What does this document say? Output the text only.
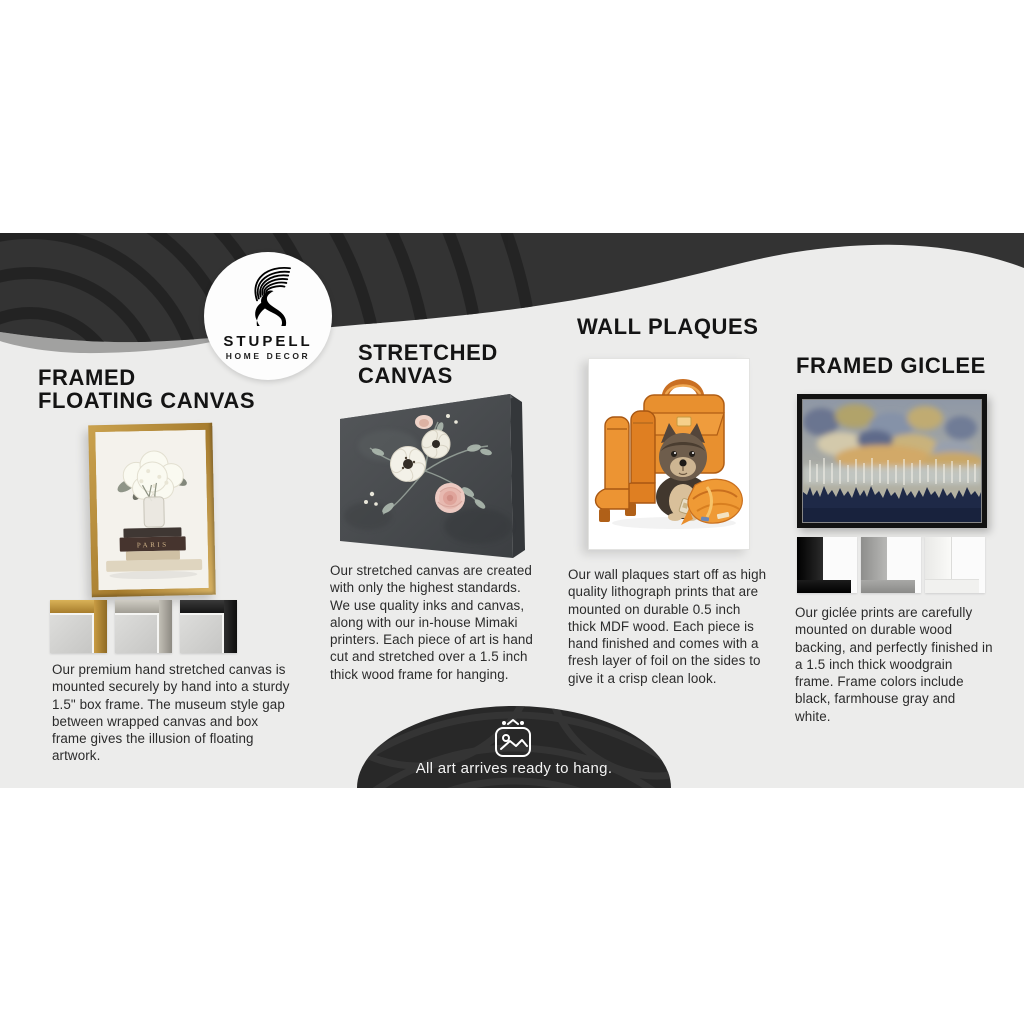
STUPELL
HOME DECOR
FRAMED
FLOATING CANVAS
STRETCHED
CANVAS
WALL PLAQUES
FRAMED GICLEE
PARIS
Our premium hand stretched canvas is mounted securely by hand into a sturdy 1.5" box frame. The museum style gap between wrapped canvas and box frame gives the illusion of floating artwork.
Our stretched canvas are created with only the highest standards. We use quality inks and canvas, along with our in-house Mimaki printers. Each piece of art is hand cut and stretched over a 1.5 inch thick wood frame for hanging.
Our wall plaques start off as high quality lithograph prints that are mounted on durable 0.5 inch thick MDF wood. Each piece is hand finished and comes with a fresh layer of foil on the sides to give it a crisp clean look.
Our giclée prints are carefully mounted on durable wood backing, and perfectly finished in a 1.5 inch thick woodgrain frame. Frame colors include black, farmhouse gray and white.
All art arrives ready to hang.
